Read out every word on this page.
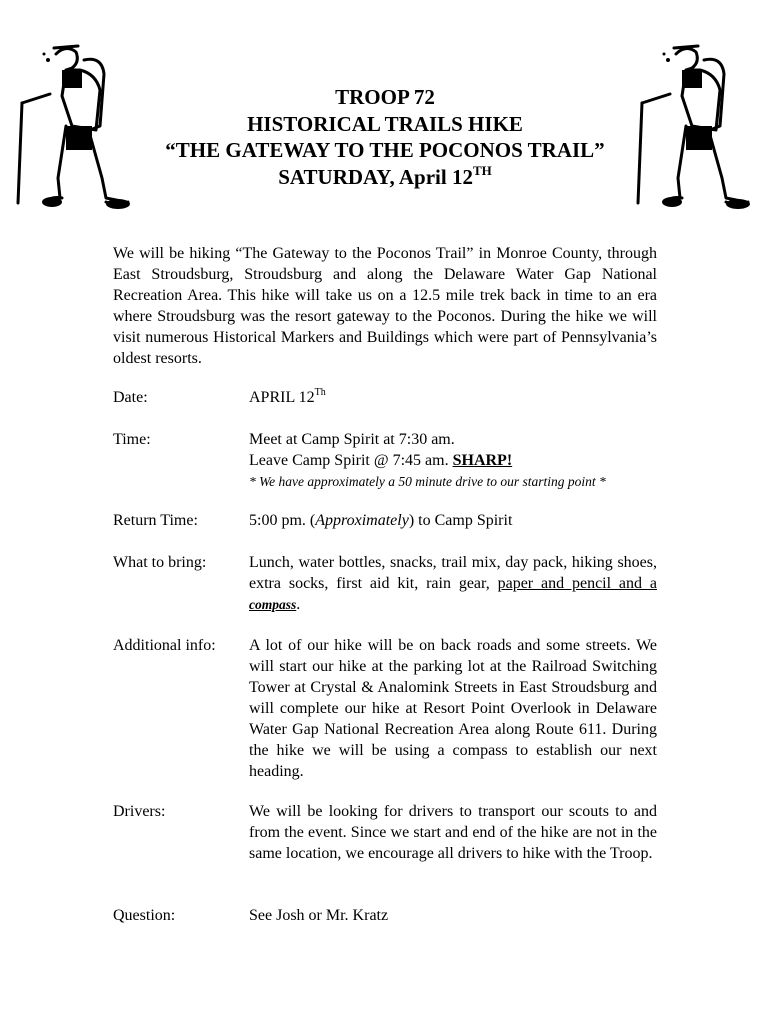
TROOP 72
HISTORICAL TRAILS HIKE
“THE GATEWAY TO THE POCONOS TRAIL”
SATURDAY, April 12TH
We will be hiking “The Gateway to the Poconos Trail” in Monroe County, through East Stroudsburg, Stroudsburg and along the Delaware Water Gap National Recreation Area. This hike will take us on a 12.5 mile trek back in time to an era where Stroudsburg was the resort gateway to the Poconos. During the hike we will visit numerous Historical Markers and Buildings which were part of Pennsylvania’s oldest resorts.
Date:	APRIL 12Th
Time:	Meet at Camp Spirit at 7:30 am.
Leave Camp Spirit @ 7:45 am. SHARP!
* We have approximately a 50 minute drive to our starting point *
Return Time:	5:00 pm. (Approximately) to Camp Spirit
What to bring:	Lunch, water bottles, snacks, trail mix, day pack, hiking shoes, extra socks, first aid kit, rain gear, paper and pencil and a compass.
Additional info:	A lot of our hike will be on back roads and some streets. We will start our hike at the parking lot at the Railroad Switching Tower at Crystal & Analomink Streets in East Stroudsburg and will complete our hike at Resort Point Overlook in Delaware Water Gap National Recreation Area along Route 611. During the hike we will be using a compass to establish our next heading.
Drivers:	We will be looking for drivers to transport our scouts to and from the event. Since we start and end of the hike are not in the same location, we encourage all drivers to hike with the Troop.
Question:	See Josh or Mr. Kratz
